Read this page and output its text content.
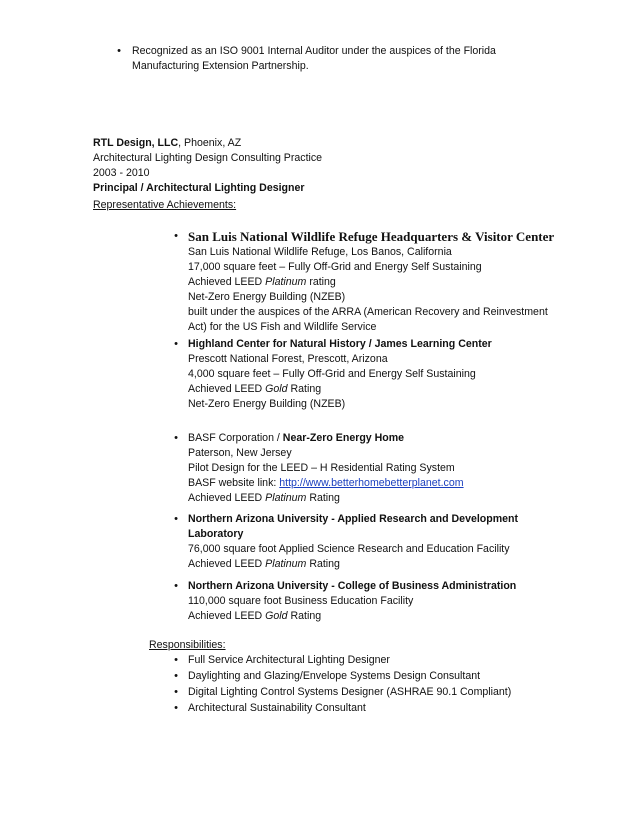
•	Recognized as an ISO 9001 Internal Auditor under the auspices of the Florida
Manufacturing Extension Partnership.
RTL Design, LLC, Phoenix, AZ
Architectural Lighting Design Consulting Practice
2003 - 2010
Principal / Architectural Lighting Designer
Representative Achievements:
• San Luis National Wildlife Refuge Headquarters & Visitor Center
San Luis National Wildlife Refuge, Los Banos, California
17,000 square feet – Fully Off-Grid and Energy Self Sustaining
Achieved LEED Platinum rating
Net-Zero Energy Building (NZEB)
built under the auspices of the ARRA (American Recovery and Reinvestment
Act) for the US Fish and Wildlife Service
• Highland Center for Natural History / James Learning Center
Prescott National Forest, Prescott, Arizona
4,000 square feet – Fully Off-Grid and Energy Self Sustaining
Achieved LEED Gold Rating
Net-Zero Energy Building (NZEB)
• BASF Corporation / Near-Zero Energy Home
Paterson, New Jersey
Pilot Design for the LEED – H Residential Rating System
BASF website link: http://www.betterhomebetterplanet.com
Achieved LEED Platinum Rating
• Northern Arizona University - Applied Research and Development
Laboratory
76,000 square foot Applied Science Research and Education Facility
Achieved LEED Platinum Rating
• Northern Arizona University - College of Business Administration
110,000 square foot Business Education Facility
Achieved LEED Gold Rating
Responsibilities:
• Full Service Architectural Lighting Designer
• Daylighting and Glazing/Envelope Systems Design Consultant
• Digital Lighting Control Systems Designer (ASHRAE 90.1 Compliant)
• Architectural Sustainability Consultant
